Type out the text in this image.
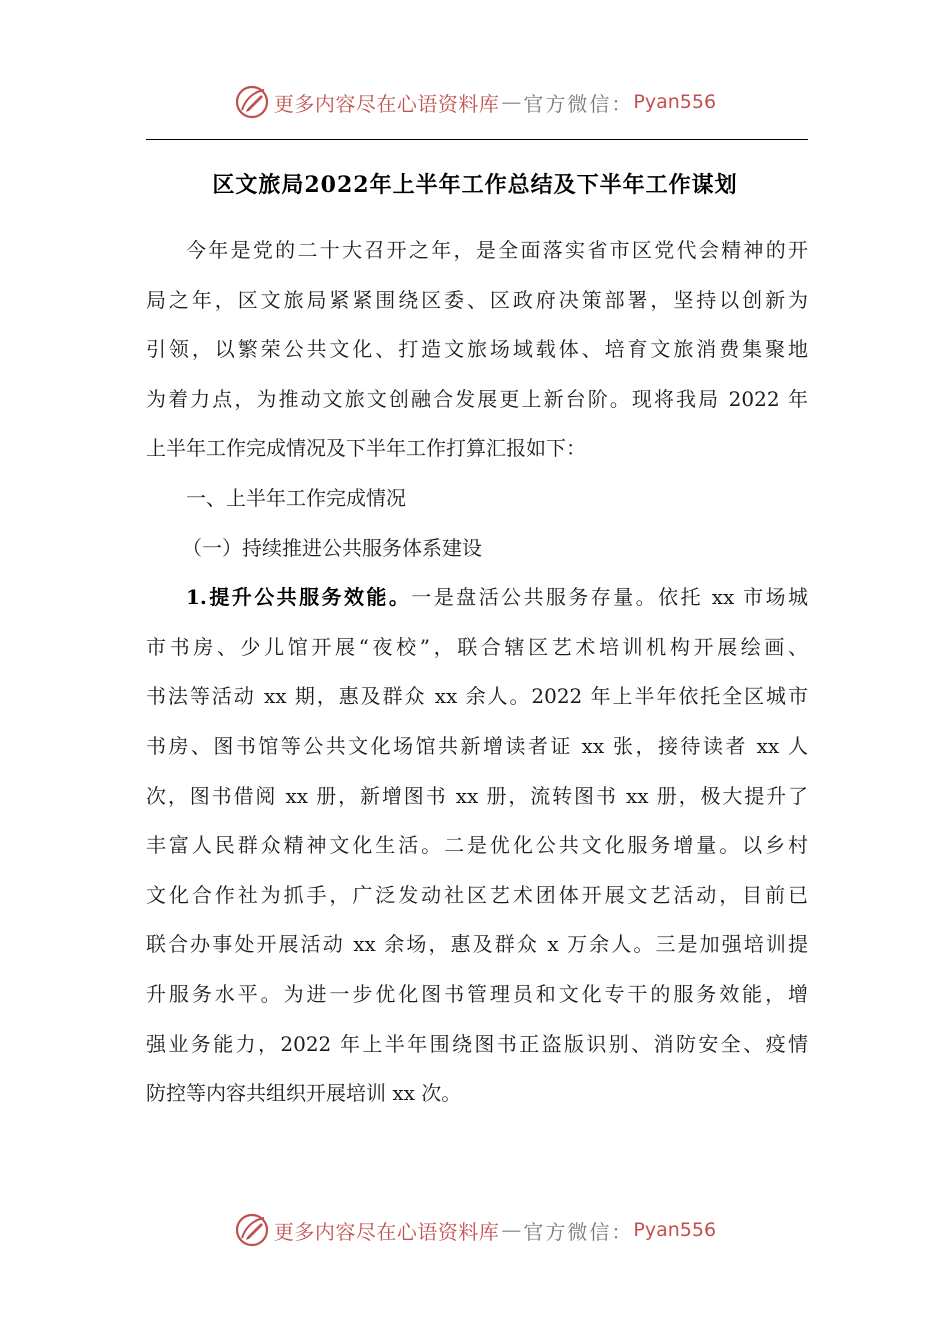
更多内容尽在心语资料库 — 官方微信： Pyan556
区文旅局2022年上半年工作总结及下半年工作谋划
今年是党的二十大召开之年，是全面落实省市区党代会精神的开
局之年，区文旅局紧紧围绕区委、区政府决策部署，坚持以创新为
引领，以繁荣公共文化、打造文旅场域载体、培育文旅消费集聚地
为着力点，为推动文旅文创融合发展更上新台阶。现将我局 2022 年
上半年工作完成情况及下半年工作打算汇报如下：
一、上半年工作完成情况
（一）持续推进公共服务体系建设
1.提升公共服务效能。一是盘活公共服务存量。依托 xx 市场城
市书房、少儿馆开展“夜校”，联合辖区艺术培训机构开展绘画、
书法等活动 xx 期，惠及群众 xx 余人。2022 年上半年依托全区城市
书房、图书馆等公共文化场馆共新增读者证 xx 张，接待读者 xx 人
次，图书借阅 xx 册，新增图书 xx 册，流转图书 xx 册，极大提升了
丰富人民群众精神文化生活。二是优化公共文化服务增量。以乡村
文化合作社为抓手，广泛发动社区艺术团体开展文艺活动，目前已
联合办事处开展活动 xx 余场，惠及群众 x 万余人。三是加强培训提
升服务水平。为进一步优化图书管理员和文化专干的服务效能，增
强业务能力，2022 年上半年围绕图书正盗版识别、消防安全、疫情
防控等内容共组织开展培训 xx 次。
更多内容尽在心语资料库 — 官方微信： Pyan556
